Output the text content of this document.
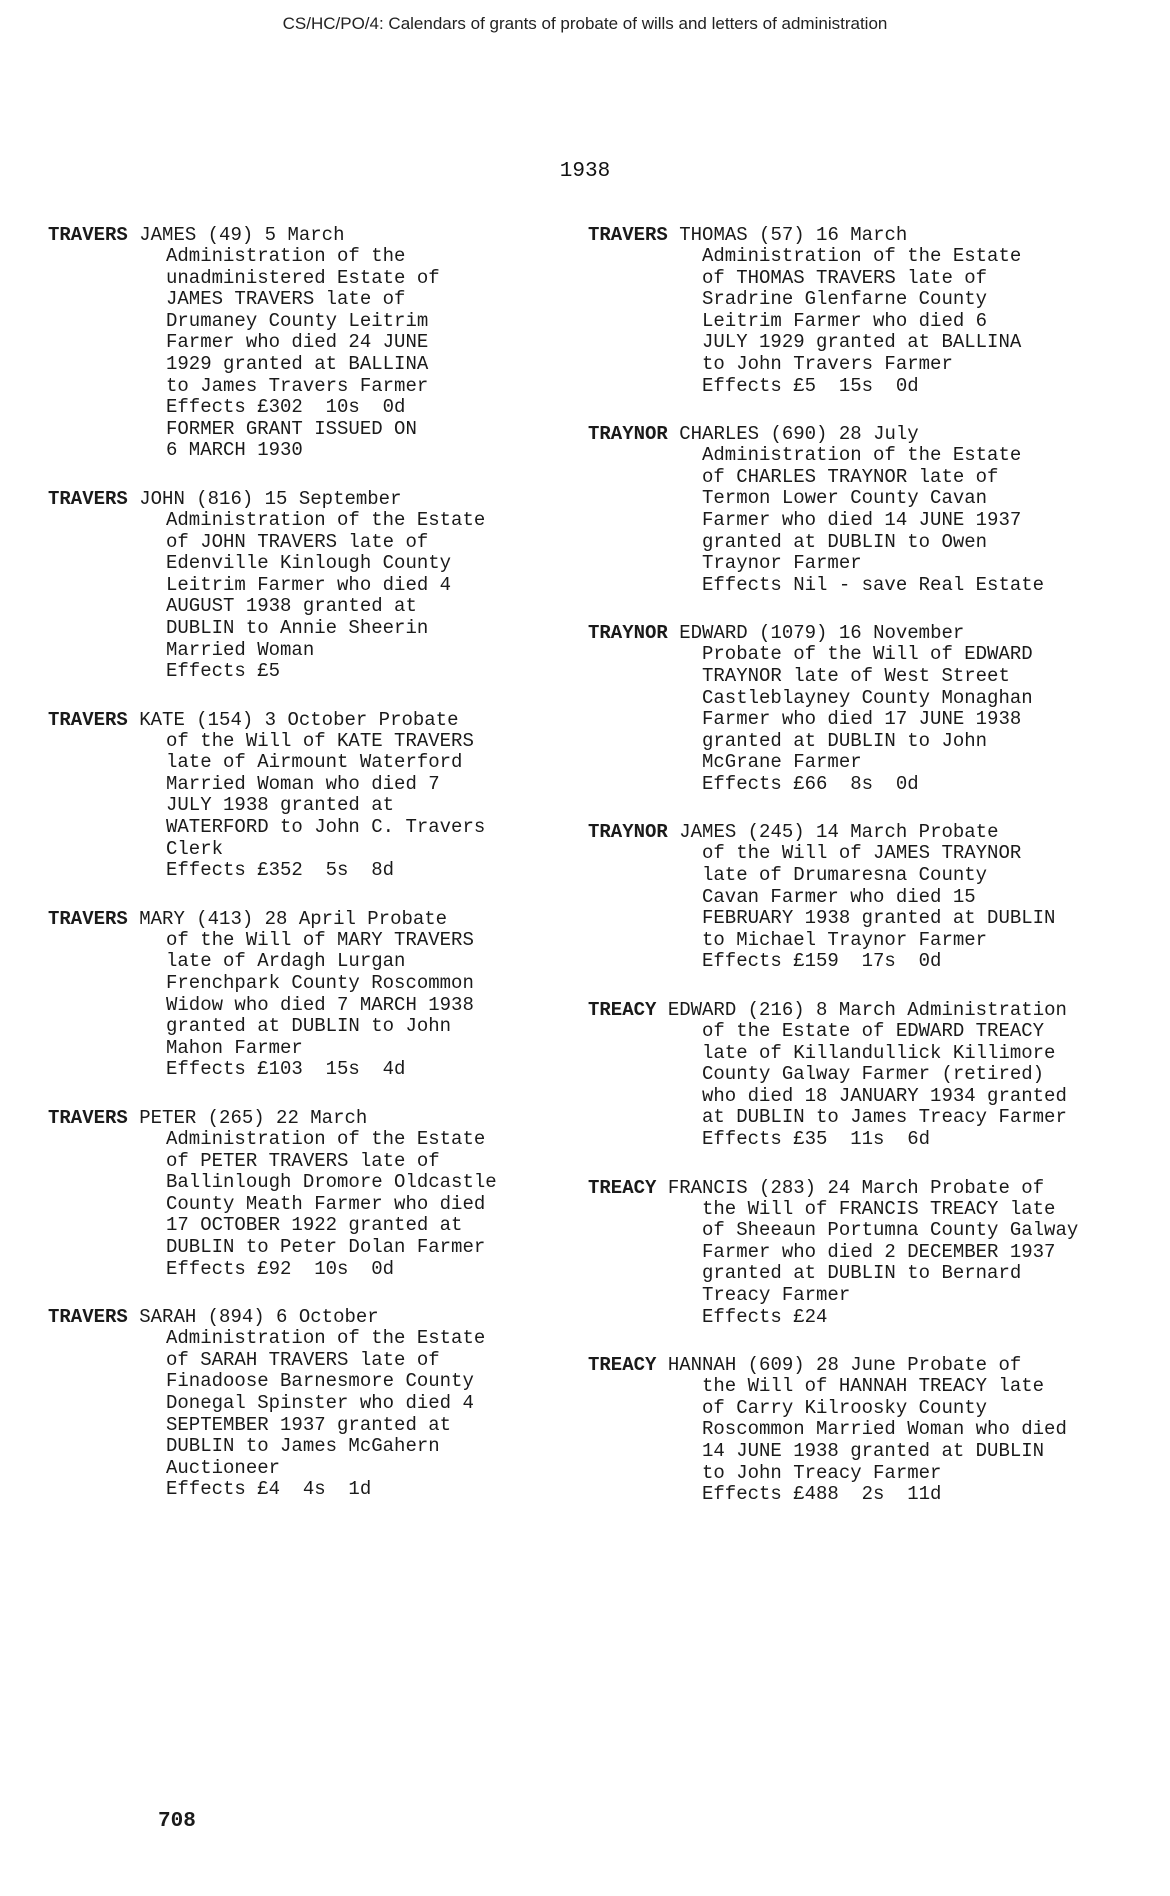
CS/HC/PO/4: Calendars of grants of probate of wills and letters of administration
1938
TRAVERS JAMES (49) 5 March
Administration of the
unadministered Estate of
JAMES TRAVERS late of
Drumaney County Leitrim
Farmer who died 24 JUNE
1929 granted at BALLINA
to James Travers Farmer
Effects £302  10s  0d
FORMER GRANT ISSUED ON
6 MARCH 1930
TRAVERS JOHN (816) 15 September
Administration of the Estate
of JOHN TRAVERS late of
Edenville Kinlough County
Leitrim Farmer who died 4
AUGUST 1938 granted at
DUBLIN to Annie Sheerin
Married Woman
Effects £5
TRAVERS KATE (154) 3 October Probate
of the Will of KATE TRAVERS
late of Airmount Waterford
Married Woman who died 7
JULY 1938 granted at
WATERFORD to John C. Travers
Clerk
Effects £352  5s  8d
TRAVERS MARY (413) 28 April Probate
of the Will of MARY TRAVERS
late of Ardagh Lurgan
Frenchpark County Roscommon
Widow who died 7 MARCH 1938
granted at DUBLIN to John
Mahon Farmer
Effects £103  15s  4d
TRAVERS PETER (265) 22 March
Administration of the Estate
of PETER TRAVERS late of
Ballinlough Dromore Oldcastle
County Meath Farmer who died
17 OCTOBER 1922 granted at
DUBLIN to Peter Dolan Farmer
Effects £92  10s  0d
TRAVERS SARAH (894) 6 October
Administration of the Estate
of SARAH TRAVERS late of
Finadoose Barnesmore County
Donegal Spinster who died 4
SEPTEMBER 1937 granted at
DUBLIN to James McGahern
Auctioneer
Effects £4  4s  1d
TRAVERS THOMAS (57) 16 March
Administration of the Estate
of THOMAS TRAVERS late of
Sradrine Glenfarne County
Leitrim Farmer who died 6
JULY 1929 granted at BALLINA
to John Travers Farmer
Effects £5  15s  0d
TRAYNOR CHARLES (690) 28 July
Administration of the Estate
of CHARLES TRAYNOR late of
Termon Lower County Cavan
Farmer who died 14 JUNE 1937
granted at DUBLIN to Owen
Traynor Farmer
Effects Nil - save Real Estate
TRAYNOR EDWARD (1079) 16 November
Probate of the Will of EDWARD
TRAYNOR late of West Street
Castleblayney County Monaghan
Farmer who died 17 JUNE 1938
granted at DUBLIN to John
McGrane Farmer
Effects £66  8s  0d
TRAYNOR JAMES (245) 14 March Probate
of the Will of JAMES TRAYNOR
late of Drumaresna County
Cavan Farmer who died 15
FEBRUARY 1938 granted at DUBLIN
to Michael Traynor Farmer
Effects £159  17s  0d
TREACY EDWARD (216) 8 March Administration
of the Estate of EDWARD TREACY
late of Killandullick Killimore
County Galway Farmer (retired)
who died 18 JANUARY 1934 granted
at DUBLIN to James Treacy Farmer
Effects £35  11s  6d
TREACY FRANCIS (283) 24 March Probate of
the Will of FRANCIS TREACY late
of Sheeaun Portumna County Galway
Farmer who died 2 DECEMBER 1937
granted at DUBLIN to Bernard
Treacy Farmer
Effects £24
TREACY HANNAH (609) 28 June Probate of
the Will of HANNAH TREACY late
of Carry Kilroosky County
Roscommon Married Woman who died
14 JUNE 1938 granted at DUBLIN
to John Treacy Farmer
Effects £488  2s  11d
708
